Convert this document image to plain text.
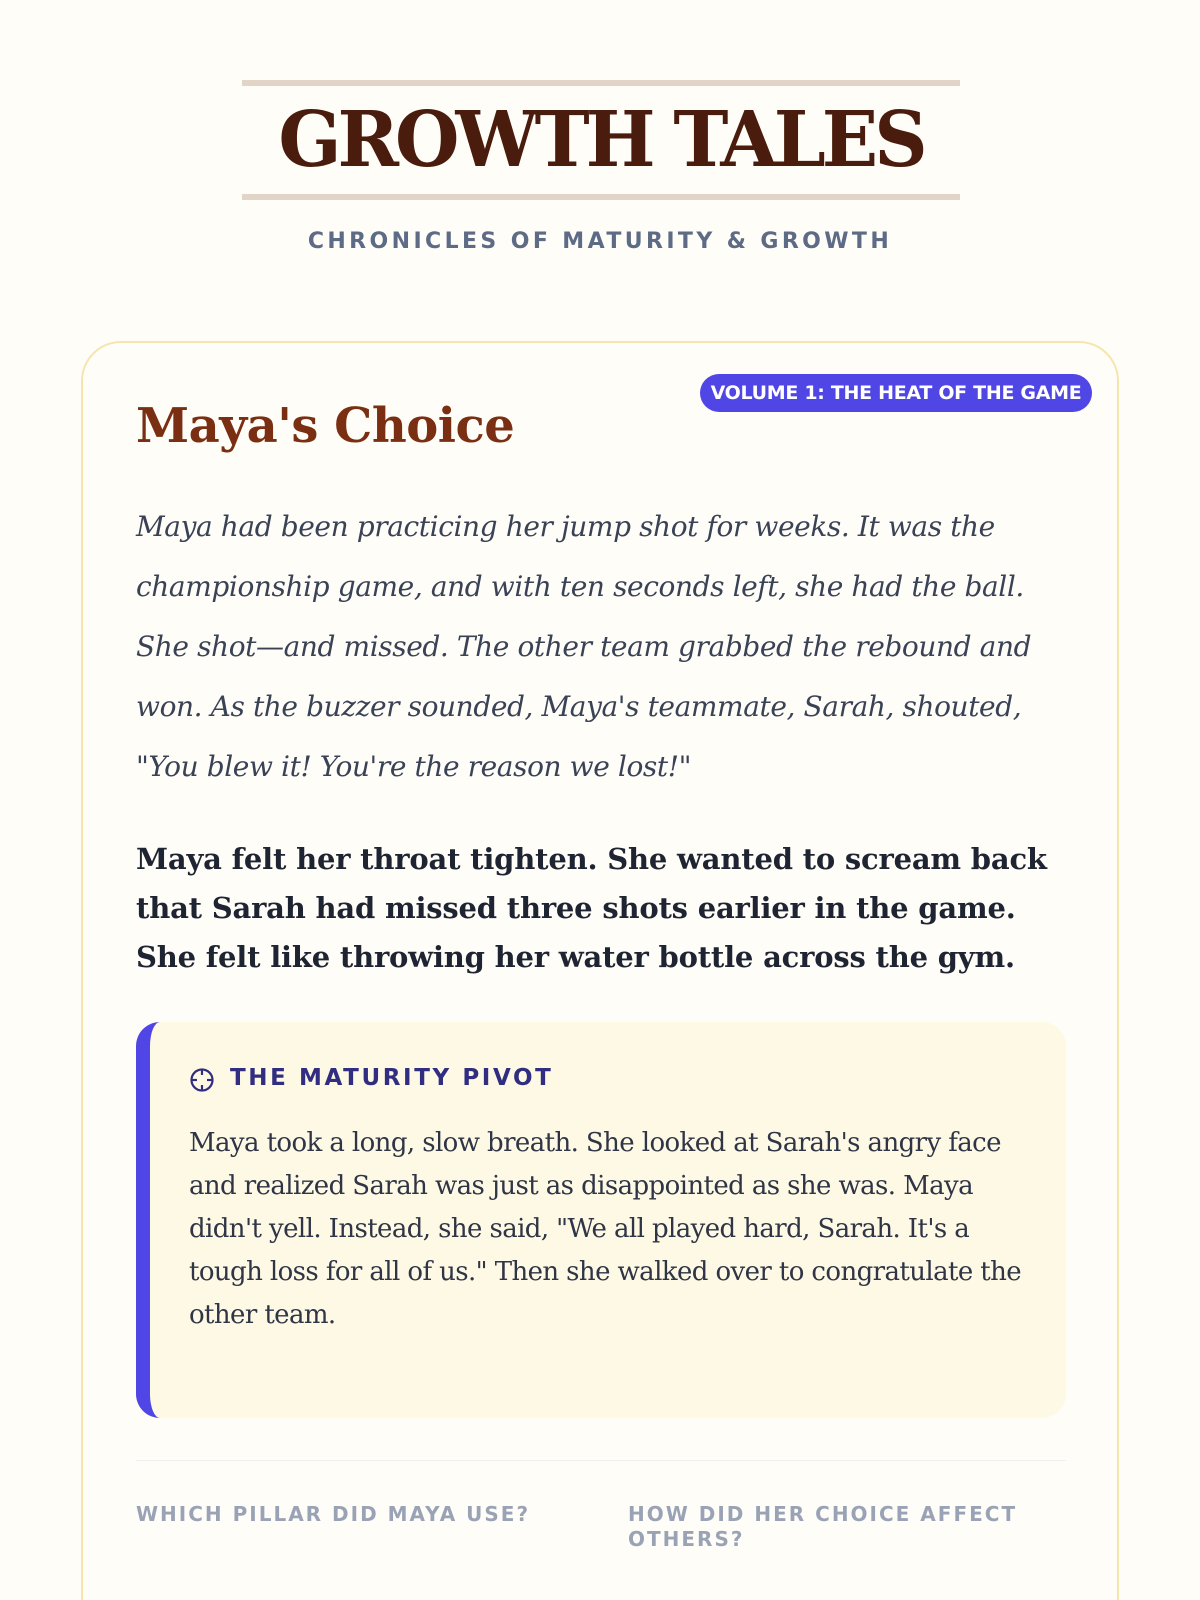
GROWTH TALES
CHRONICLES OF MATURITY & GROWTH
VOLUME 1: THE HEAT OF THE GAME
Maya's Choice

Maya had been practicing her jump shot for weeks. It was the championship game, and with ten seconds left, she had the ball. She shot—and missed. The other team grabbed the rebound and won. As the buzzer sounded, Maya's teammate, Sarah, shouted, "You blew it! You're the reason we lost!"

Maya felt her throat tighten. She wanted to scream back that Sarah had missed three shots earlier in the game. She felt like throwing her water bottle across the gym.

THE MATURITY PIVOT

Maya took a long, slow breath. She looked at Sarah's angry face and realized Sarah was just as disappointed as she was. Maya didn't yell. Instead, she said, "We all played hard, Sarah. It's a tough loss for all of us." Then she walked over to congratulate the other team.

WHICH PILLAR DID MAYA USE?	HOW DID HER CHOICE AFFECT OTHERS?
